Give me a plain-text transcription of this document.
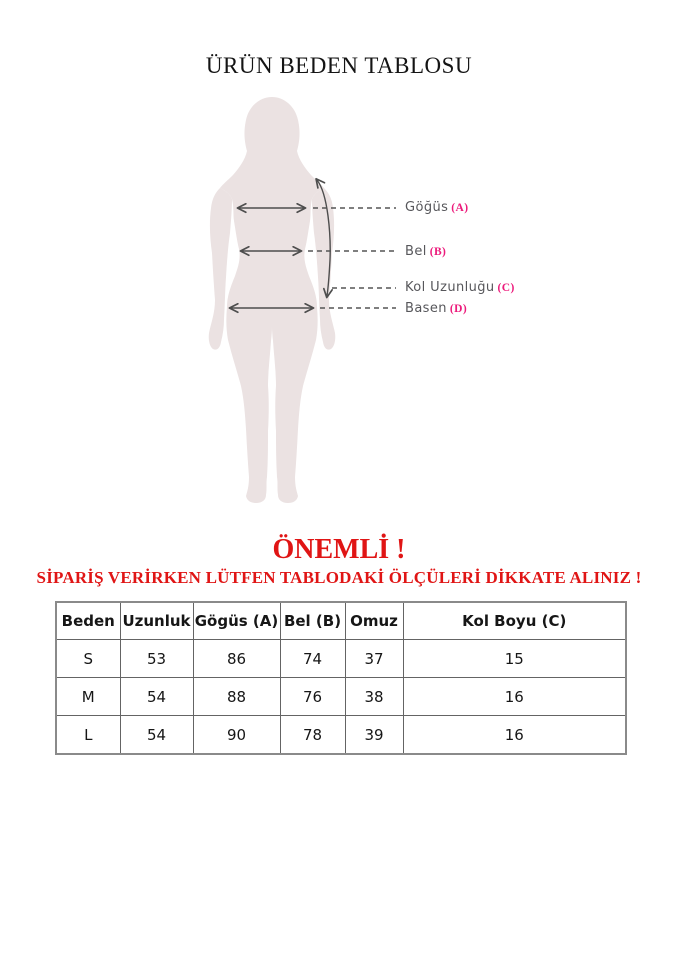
ÜRÜN BEDEN TABLOSU
Göğüs (A)
Bel (B)
Kol Uzunluğu (C)
Basen (D)
ÖNEMLİ !
SİPARİŞ VERİRKEN LÜTFEN TABLODAKİ ÖLÇÜLERİ DİKKATE ALINIZ !
Beden	Uzunluk	Gögüs (A)	Bel (B)	Omuz	Kol Boyu (C)
S	53	86	74	37	15
M	54	88	76	38	16
L	54	90	78	39	16
